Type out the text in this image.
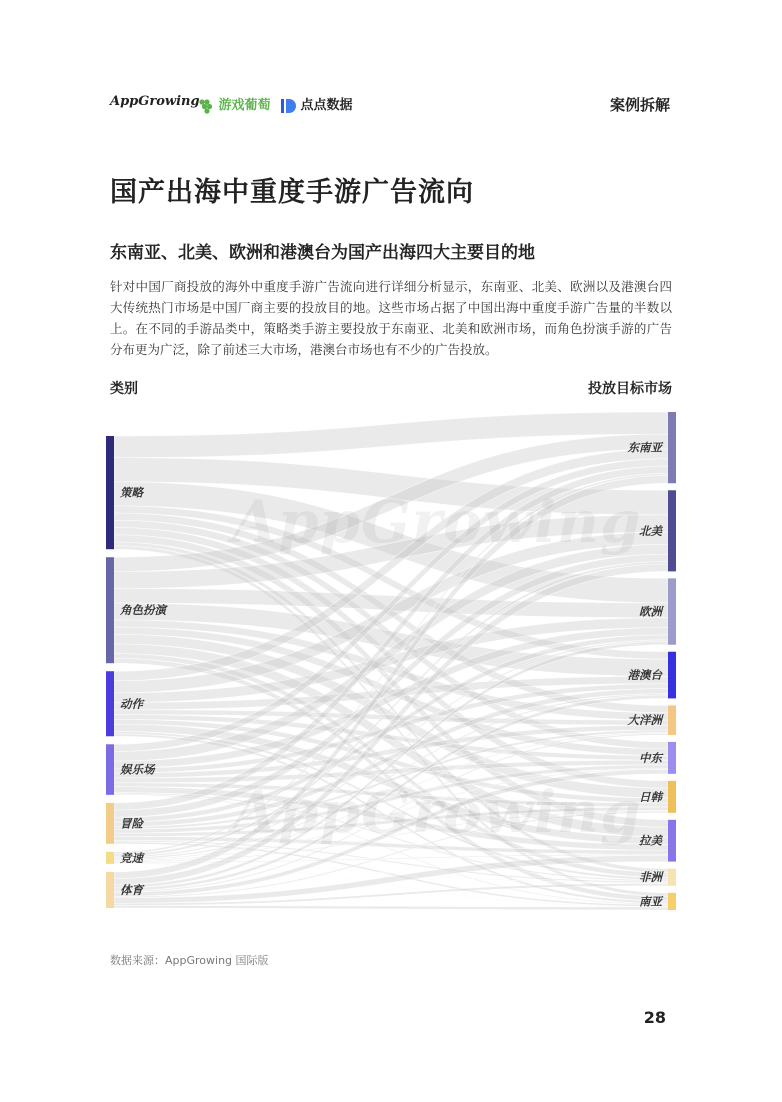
AppGrowing	游戏葡萄	点点数据	案例拆解
国产出海中重度手游广告流向
东南亚、北美、欧洲和港澳台为国产出海四大主要目的地

针对中国厂商投放的海外中重度手游广告流向进行详细分析显示，东南亚、北美、欧洲以及港澳台四大传统热门市场是中国厂商主要的投放目的地。这些市场占据了中国出海中重度手游广告量的半数以上。在不同的手游品类中，策略类手游主要投放于东南亚、北美和欧洲市场，而角色扮演手游的广告分布更为广泛，除了前述三大市场，港澳台市场也有不少的广告投放。

类别	投放目标市场
策略
角色扮演
动作
娱乐场
冒险
竞速
体育
东南亚
北美
欧洲
港澳台
大洋洲
中东
日韩
拉美
非洲
南亚
AppGrowing
AppGrowing
数据来源：AppGrowing 国际版
28
